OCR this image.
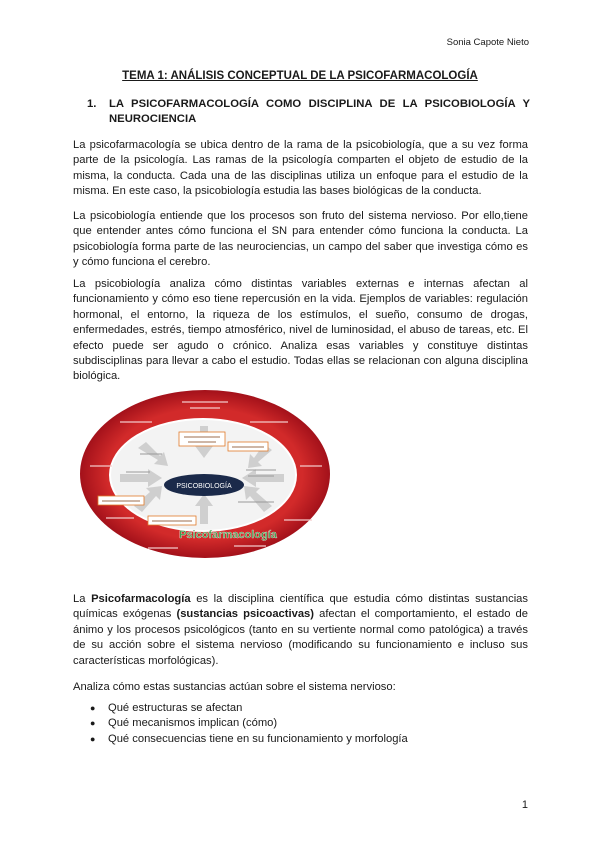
Sonia Capote Nieto
TEMA 1: ANÁLISIS CONCEPTUAL DE LA PSICOFARMACOLOGÍA
1.	LA PSICOFARMACOLOGÍA COMO DISCIPLINA DE LA PSICOBIOLOGÍA Y NEUROCIENCIA

La psicofarmacología se ubica dentro de la rama de la psicobiología, que a su vez forma parte de la psicología. Las ramas de la psicología comparten el objeto de estudio de la misma, la conducta. Cada una de las disciplinas utiliza un enfoque para el estudio de la misma. En este caso, la psicobiología estudia las bases biológicas de la conducta.

La psicobiología entiende que los procesos son fruto del sistema nervioso. Por ello,tiene que entender antes cómo funciona el SN para entender cómo funciona la conducta. La psicobiología forma parte de las neurociencias, un campo del saber que investiga cómo es y cómo funciona el cerebro.

La psicobiología analiza cómo distintas variables externas e internas afectan al funcionamiento y cómo eso tiene repercusión en la vida. Ejemplos de variables: regulación hormonal, el entorno, la riqueza de los estímulos, el sueño, consumo de drogas, enfermedades, estrés, tiempo atmosférico, nivel de luminosidad, el abuso de tareas, etc. El efecto puede ser agudo o crónico. Analiza esas variables y constituye distintas subdisciplinas para llevar a cabo el estudio. Todas ellas se relacionan con alguna disciplina biológica.

PSICOBIOLOGÍA
Psicofarmacología

La Psicofarmacología es la disciplina científica que estudia cómo distintas sustancias químicas exógenas (sustancias psicoactivas) afectan el comportamiento, el estado de ánimo y los procesos psicológicos (tanto en su vertiente normal como patológica) a través de su acción sobre el sistema nervioso (modificando su funcionamiento e incluso sus características morfológicas).

Analiza cómo estas sustancias actúan sobre el sistema nervioso:

● Qué estructuras se afectan
● Qué mecanismos implican (cómo)
● Qué consecuencias tiene en su funcionamiento y morfología
1
